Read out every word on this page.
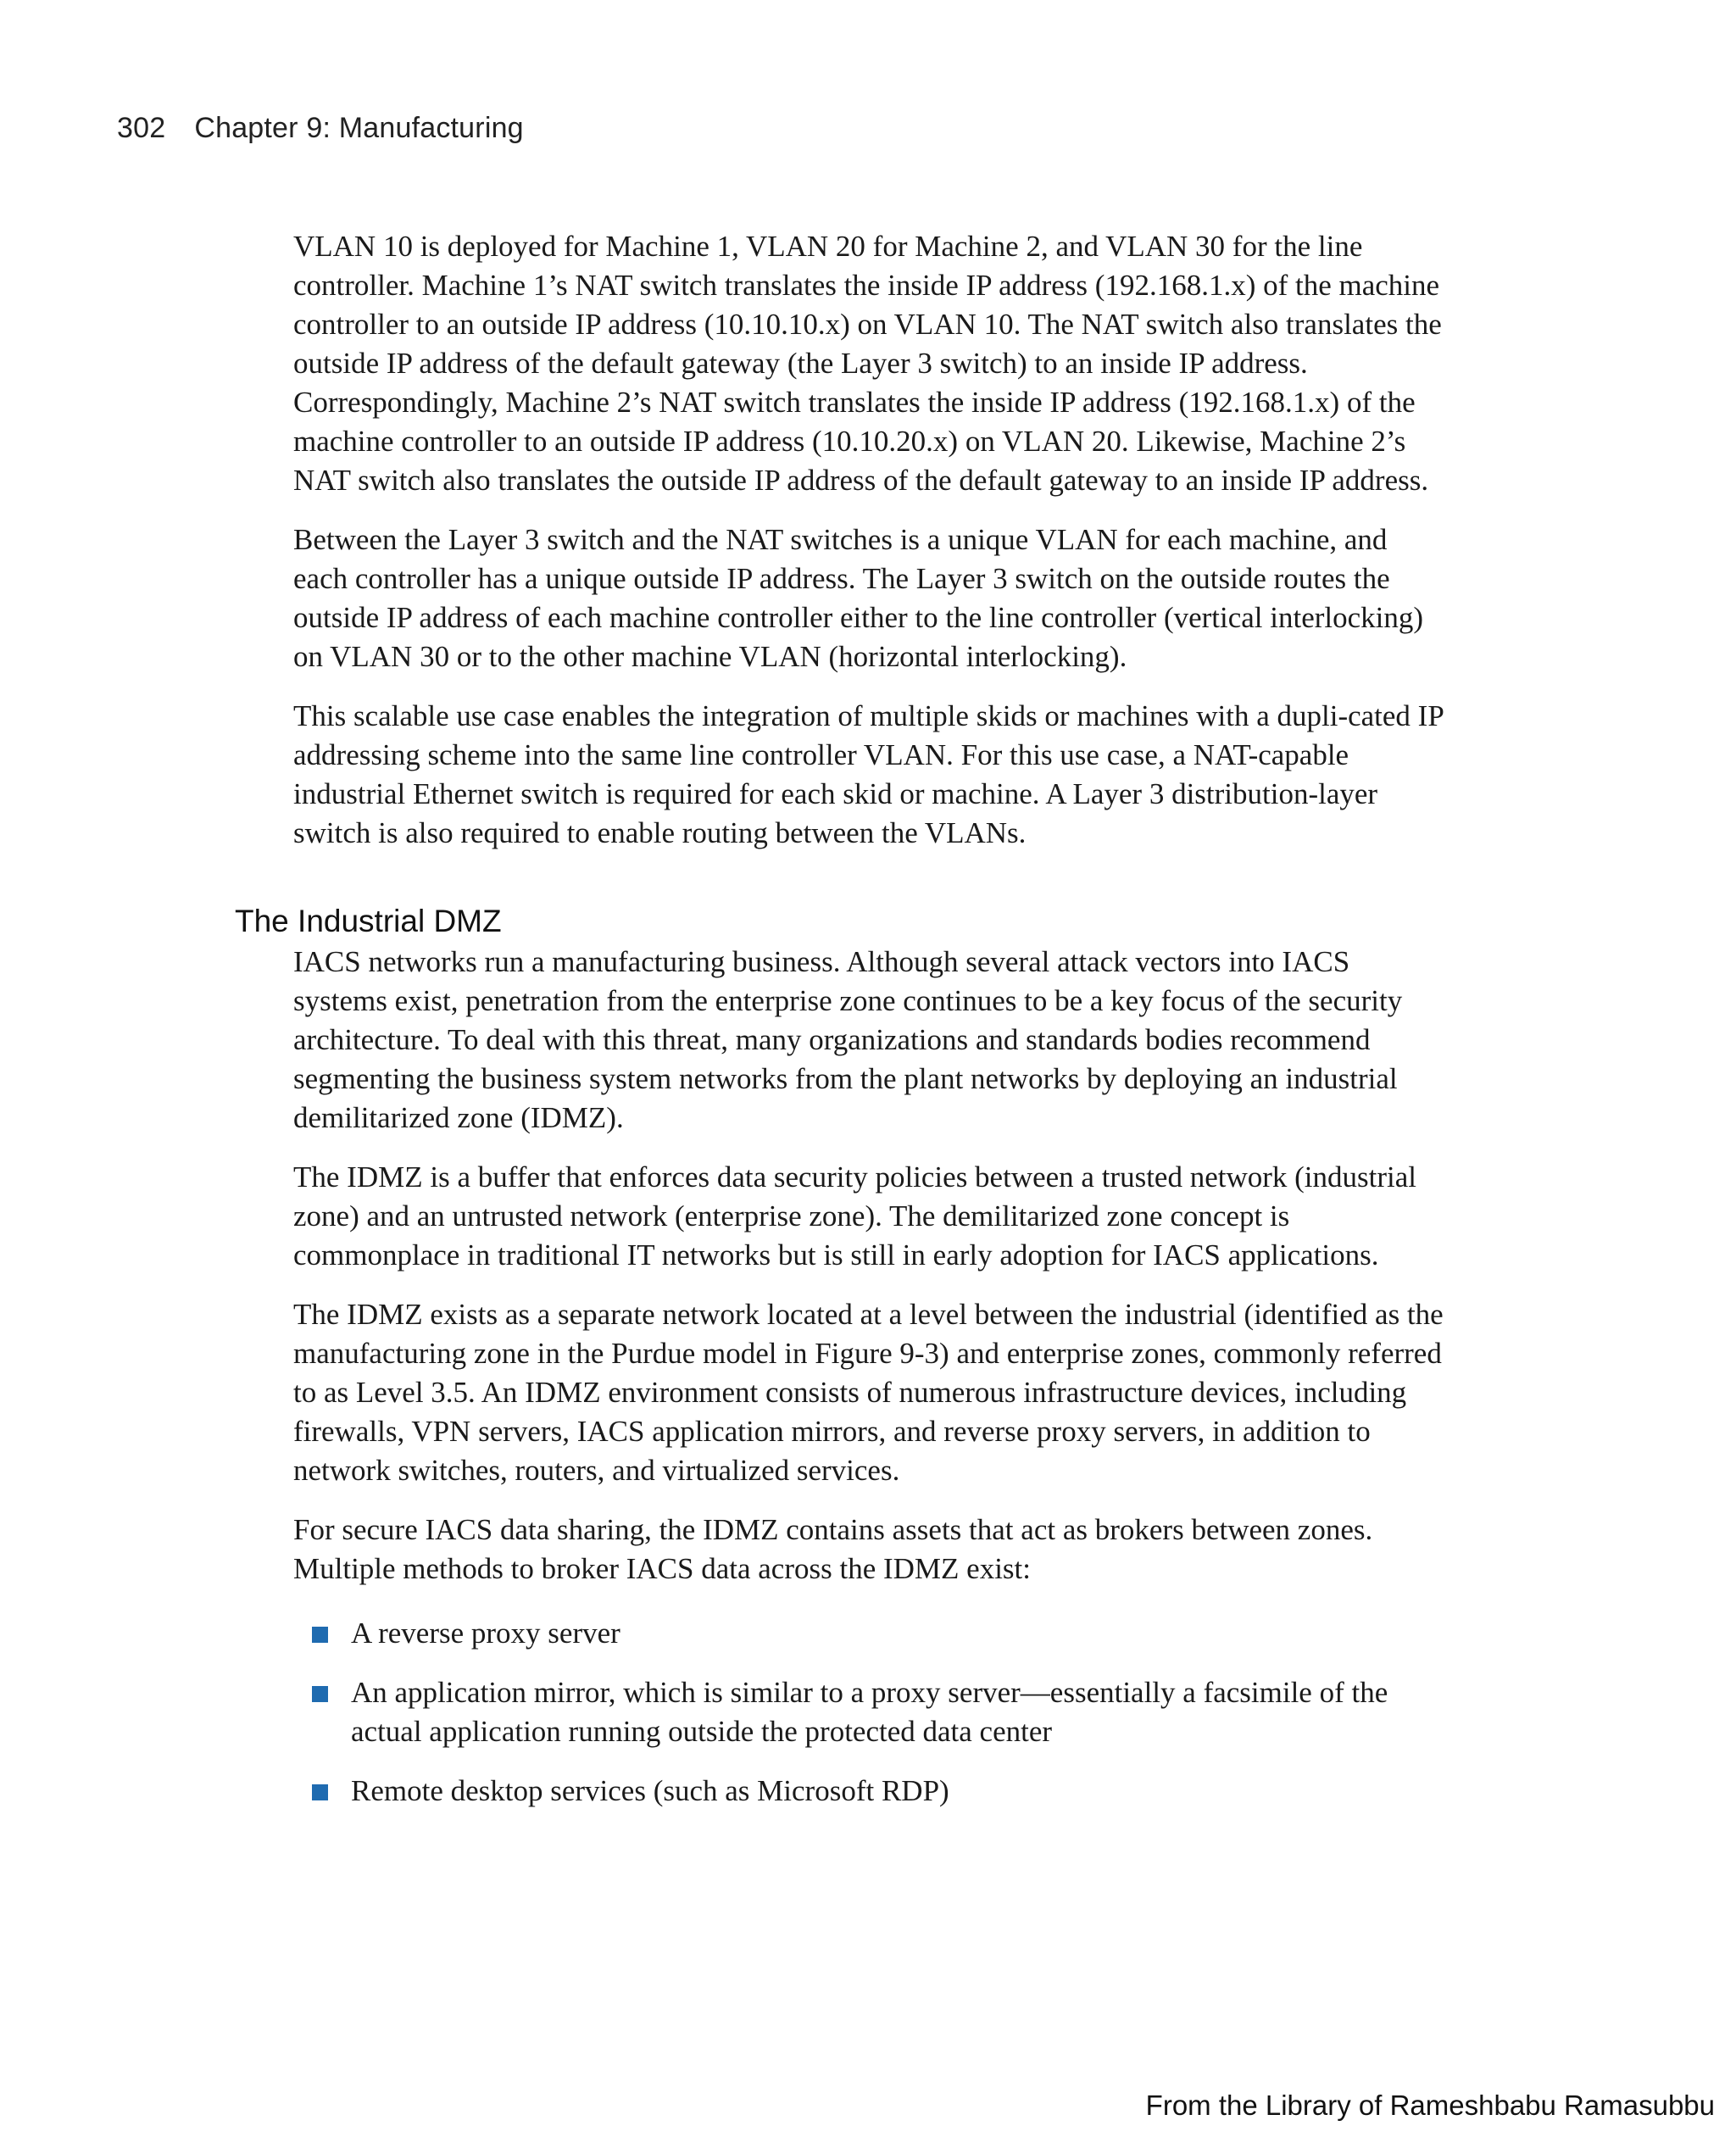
302 Chapter 9: Manufacturing

VLAN 10 is deployed for Machine 1, VLAN 20 for Machine 2, and VLAN 30 for the line controller. Machine 1’s NAT switch translates the inside IP address (192.168.1.x) of the machine controller to an outside IP address (10.10.10.x) on VLAN 10. The NAT switch also translates the outside IP address of the default gateway (the Layer 3 switch) to an inside IP address. Correspondingly, Machine 2’s NAT switch translates the inside IP address (192.168.1.x) of the machine controller to an outside IP address (10.10.20.x) on VLAN 20. Likewise, Machine 2’s NAT switch also translates the outside IP address of the default gateway to an inside IP address.

Between the Layer 3 switch and the NAT switches is a unique VLAN for each machine, and each controller has a unique outside IP address. The Layer 3 switch on the outside routes the outside IP address of each machine controller either to the line controller (vertical interlocking) on VLAN 30 or to the other machine VLAN (horizontal interlocking).

This scalable use case enables the integration of multiple skids or machines with a dupli-cated IP addressing scheme into the same line controller VLAN. For this use case, a NAT-capable industrial Ethernet switch is required for each skid or machine. A Layer 3 distribution-layer switch is also required to enable routing between the VLANs.

The Industrial DMZ

IACS networks run a manufacturing business. Although several attack vectors into IACS systems exist, penetration from the enterprise zone continues to be a key focus of the security architecture. To deal with this threat, many organizations and standards bodies recommend segmenting the business system networks from the plant networks by deploying an industrial demilitarized zone (IDMZ).

The IDMZ is a buffer that enforces data security policies between a trusted network (industrial zone) and an untrusted network (enterprise zone). The demilitarized zone concept is commonplace in traditional IT networks but is still in early adoption for IACS applications.

The IDMZ exists as a separate network located at a level between the industrial (identified as the manufacturing zone in the Purdue model in Figure 9-3) and enterprise zones, commonly referred to as Level 3.5. An IDMZ environment consists of numerous infrastructure devices, including firewalls, VPN servers, IACS application mirrors, and reverse proxy servers, in addition to network switches, routers, and virtualized services.

For secure IACS data sharing, the IDMZ contains assets that act as brokers between zones. Multiple methods to broker IACS data across the IDMZ exist:

A reverse proxy server
An application mirror, which is similar to a proxy server—essentially a facsimile of the actual application running outside the protected data center
Remote desktop services (such as Microsoft RDP)
From the Library of Rameshbabu Ramasubbu
